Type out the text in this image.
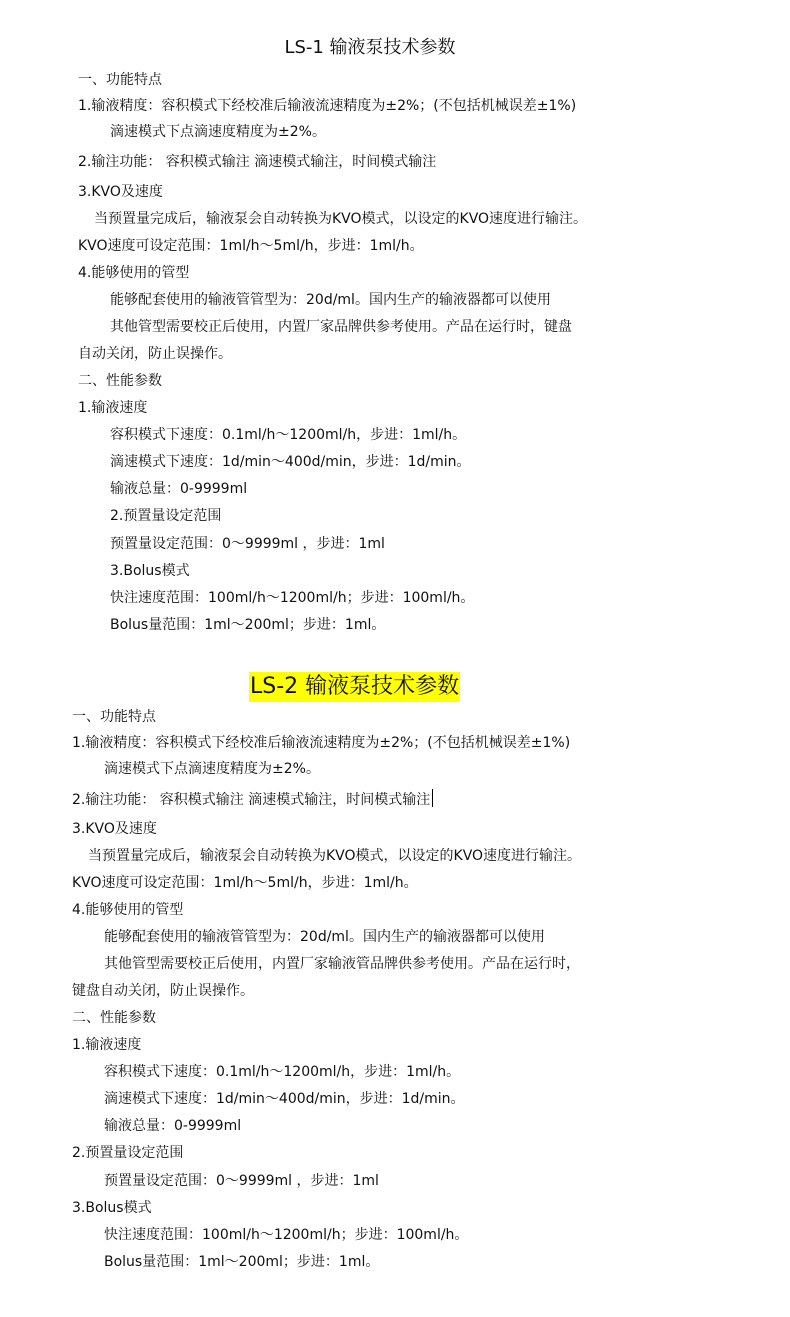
LS-1 输液泵技术参数
一、功能特点
1.输液精度：容积模式下经校准后输液流速精度为±2%；(不包括机械误差±1%)
滴速模式下点滴速度精度为±2%。
2.输注功能： 容积模式输注 滴速模式输注，时间模式输注
3.KVO及速度
当预置量完成后，输液泵会自动转换为KVO模式，以设定的KVO速度进行输注。
KVO速度可设定范围：1ml/h～5ml/h，步进：1ml/h。
4.能够使用的管型
能够配套使用的输液管管型为：20d/ml。国内生产的输液器都可以使用
其他管型需要校正后使用，内置厂家品牌供参考使用。产品在运行时，键盘
自动关闭，防止误操作。
二、性能参数
1.输液速度
容积模式下速度：0.1ml/h～1200ml/h，步进：1ml/h。
滴速模式下速度：1d/min～400d/min，步进：1d/min。
输液总量：0-9999ml
2.预置量设定范围
预置量设定范围：0～9999ml ，步进：1ml
3.Bolus模式
快注速度范围：100ml/h～1200ml/h；步进：100ml/h。
Bolus量范围：1ml～200ml；步进：1ml。
LS-2 输液泵技术参数
一、功能特点
1.输液精度：容积模式下经校准后输液流速精度为±2%；(不包括机械误差±1%)
滴速模式下点滴速度精度为±2%。
2.输注功能： 容积模式输注 滴速模式输注，时间模式输注
3.KVO及速度
当预置量完成后，输液泵会自动转换为KVO模式，以设定的KVO速度进行输注。
KVO速度可设定范围：1ml/h～5ml/h，步进：1ml/h。
4.能够使用的管型
能够配套使用的输液管管型为：20d/ml。国内生产的输液器都可以使用
其他管型需要校正后使用，内置厂家输液管品牌供参考使用。产品在运行时，
键盘自动关闭，防止误操作。
二、性能参数
1.输液速度
容积模式下速度：0.1ml/h～1200ml/h，步进：1ml/h。
滴速模式下速度：1d/min～400d/min，步进：1d/min。
输液总量：0-9999ml
2.预置量设定范围
预置量设定范围：0～9999ml ，步进：1ml
3.Bolus模式
快注速度范围：100ml/h～1200ml/h；步进：100ml/h。
Bolus量范围：1ml～200ml；步进：1ml。
